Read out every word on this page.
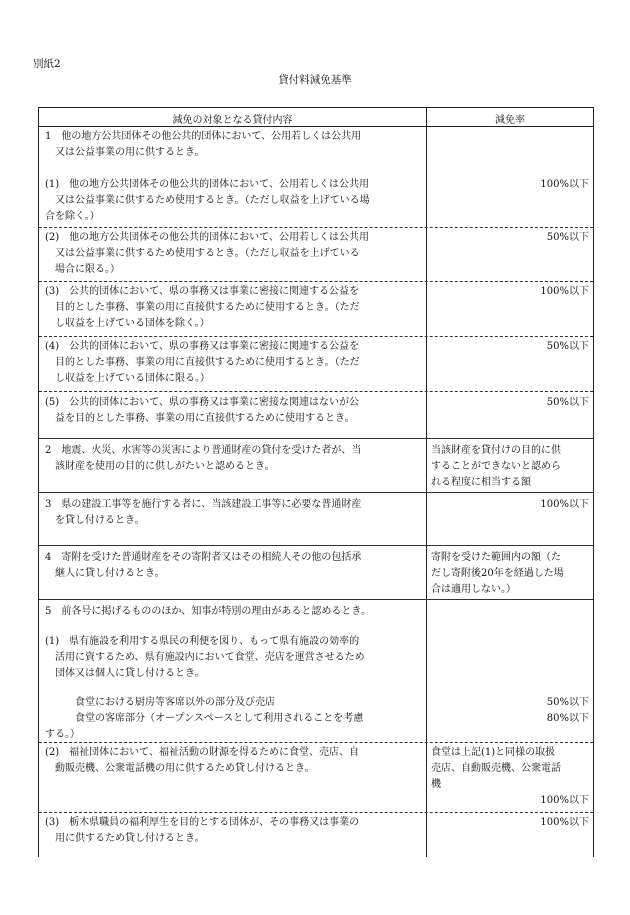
別紙2
貸付料減免基準
減免の対象となる貸付内容	減免率
1　他の地方公共団体その他公共的団体において、公用若しくは公共用
　又は公益事業の用に供するとき。
(1)　他の地方公共団体その他公共的団体において、公用若しくは公共用
　又は公益事業に供するため使用するとき。（ただし収益を上げている場
合を除く。）
100%以下
(2)　他の地方公共団体その他公共的団体において、公用若しくは公共用
　又は公益事業に供するため使用するとき。（ただし収益を上げている
　場合に限る。）
50%以下
(3)　公共的団体において、県の事務又は事業に密接に関連する公益を
　目的とした事務、事業の用に直接供するために使用するとき。（ただ
　し収益を上げている団体を除く。）
100%以下
(4)　公共的団体において、県の事務又は事業に密接に関連する公益を
　目的とした事務、事業の用に直接供するために使用するとき。（ただ
　し収益を上げている団体に限る。）
50%以下
(5)　公共的団体において、県の事務又は事業に密接な関連はないが公
　益を目的とした事務、事業の用に直接供するために使用するとき。
50%以下
2　地震、火災、水害等の災害により普通財産の貸付を受けた者が、当
　該財産を使用の目的に供しがたいと認めるとき。
当該財産を貸付けの目的に供
することができないと認めら
れる程度に相当する額
3　県の建設工事等を施行する者に、当該建設工事等に必要な普通財産
　を貸し付けるとき。
100%以下
4　寄附を受けた普通財産をその寄附者又はその相続人その他の包括承
　継人に貸し付けるとき。
寄附を受けた範囲内の額（た
だし寄附後20年を経過した場
合は適用しない。）
5　前各号に掲げるもののほか、知事が特別の理由があると認めるとき。
(1)　県有施設を利用する県民の利便を図り、もって県有施設の効率的
　活用に資するため、県有施設内において食堂、売店を運営させるため
　団体又は個人に貸し付けるとき。
　　　食堂における厨房等客席以外の部分及び売店
　　　食堂の客席部分（オープンスペースとして利用されることを考慮
する。）
50%以下
80%以下
(2)　福祉団体において、福祉活動の財源を得るために食堂、売店、自
　動販売機、公衆電話機の用に供するため貸し付けるとき。
食堂は上記(1)と同様の取扱
売店、自動販売機、公衆電話
機
100%以下
(3)　栃木県職員の福利厚生を目的とする団体が、その事務又は事業の
　用に供するため貸し付けるとき。
100%以下
